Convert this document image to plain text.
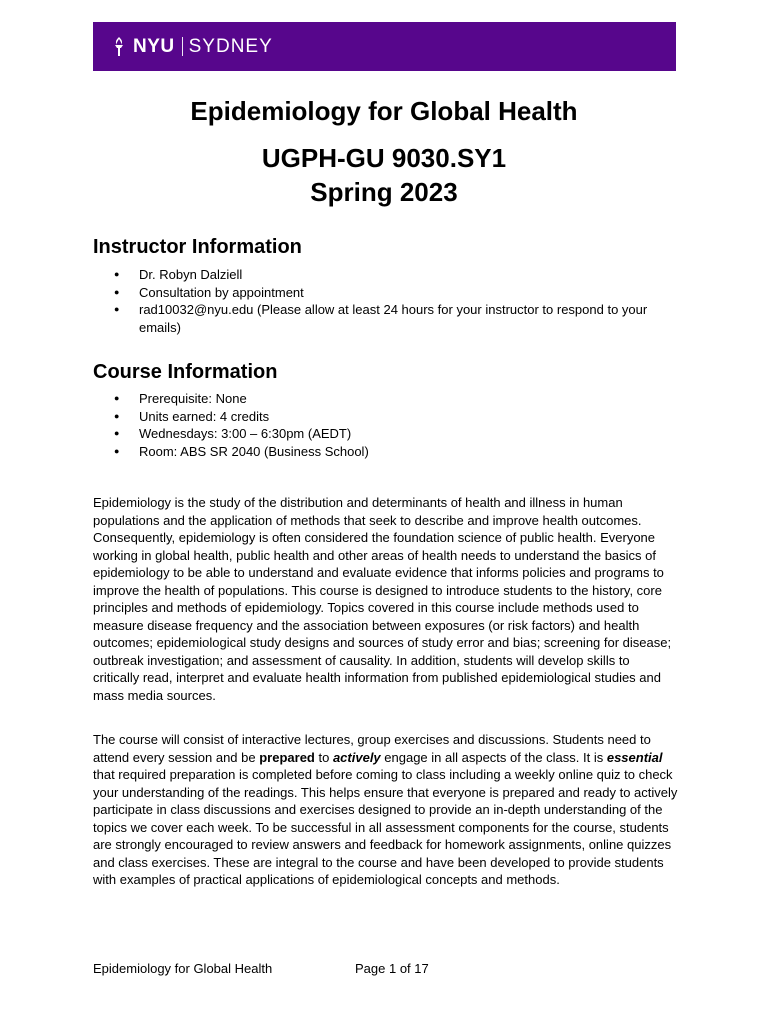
NYU SYDNEY
Epidemiology for Global Health
UGPH-GU 9030.SY1
Spring 2023
Instructor Information
● Dr. Robyn Dalziell
● Consultation by appointment
● rad10032@nyu.edu (Please allow at least 24 hours for your instructor to respond to your emails)
Course Information
● Prerequisite: None
● Units earned: 4 credits
● Wednesdays: 3:00 – 6:30pm (AEDT)
● Room: ABS SR 2040 (Business School)

Epidemiology is the study of the distribution and determinants of health and illness in human populations and the application of methods that seek to describe and improve health outcomes. Consequently, epidemiology is often considered the foundation science of public health. Everyone working in global health, public health and other areas of health needs to understand the basics of epidemiology to be able to understand and evaluate evidence that informs policies and programs to improve the health of populations. This course is designed to introduce students to the history, core principles and methods of epidemiology. Topics covered in this course include methods used to measure disease frequency and the association between exposures (or risk factors) and health outcomes; epidemiological study designs and sources of study error and bias; screening for disease; outbreak investigation; and assessment of causality. In addition, students will develop skills to critically read, interpret and evaluate health information from published epidemiological studies and mass media sources.

The course will consist of interactive lectures, group exercises and discussions. Students need to attend every session and be prepared to actively engage in all aspects of the class. It is essential that required preparation is completed before coming to class including a weekly online quiz to check your understanding of the readings. This helps ensure that everyone is prepared and ready to actively participate in class discussions and exercises designed to provide an in-depth understanding of the topics we cover each week. To be successful in all assessment components for the course, students are strongly encouraged to review answers and feedback for homework assignments, online quizzes and class exercises. These are integral to the course and have been developed to provide students with examples of practical applications of epidemiological concepts and methods.

Epidemiology for Global Health	Page 1 of 17
